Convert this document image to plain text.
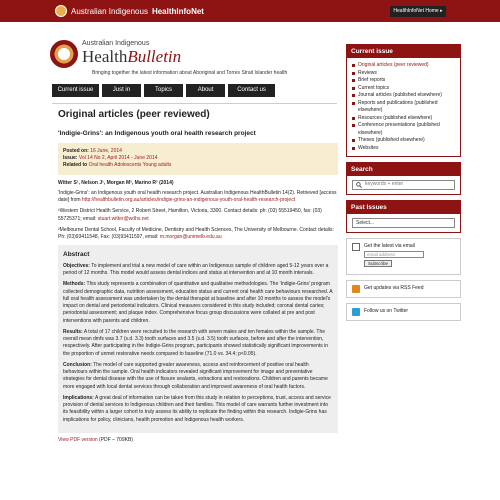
Australian Indigenous HealthInfoNet	HealthInfoNet Home ▸
Australian Indigenous
HealthBulletin
Bringing together the latest information about Aboriginal and Torres Strait Islander health
Current issue	Just in	Topics	About	Contact us
Original articles (peer reviewed)
'Indigie-Grins': an Indigenous youth oral health research project
Posted on: 16 June, 2014
Issue: Vol 14 No 2, April 2014 - June 2014
Related to Oral health Adolescents Young adults
Witter S¹, Nelson J¹, Morgan M², Marino R² (2014)
'Indigie-Grins': an Indigenous youth oral health research project. Australian Indigenous HealthBulletin 14(2). Retrieved [access date] from http://healthbulletin.org.au/articles/indigie-grins-an-indigenous-youth-oral-health-research-project
¹Western District Health Service, 2 Robert Street, Hamilton, Victoria, 3300. Contact details: ph: (03) 55519450, fax: (03) 55725371; email: stuart.witter@wdhs.net
²Melbourne Dental School, Faculty of Medicine, Dentistry and Health Sciences, The University of Melbourne. Contact details: Ph: (03)93411548, Fax: (03)93411597, email: m.morgan@unimelb.edu.au
Abstract

Objectives: To implement and trial a new model of care within an Indigenous sample of children aged 5-12 years over a period of 12 months. This model would assess dental indices and status at intervention and at 10 month intervals.

Methods: This study represents a combination of quantitative and qualitative methodologies. The 'Indigie-Grins' program collected demographic data, nutrition assessment, education status and current oral health care behaviours researched. A full oral health assessment was undertaken by the dental therapist at baseline and after 10 months to assess the model's impact on dental and periodontal indicators. Clinical measures considered in this study included; coronal dental caries; periodontal assessment; and plaque index. Comprehensive focus group discussions were collated at pre and post interventions with parents and children.

Results: A total of 17 children were recruited to the research with seven males and ten females within the sample. The overall mean dmfs was 3.7 (s.d. 3.3) tooth surfaces and 3.5 (s.d. 3.5) tooth surfaces, before and after the intervention, respectively. After participating in the Indigie-Grins program, participants showed statistically significant improvements in the proportion of unmet restorative needs compared to baseline (71.0 vs. 34.4; p<0.05).

Conclusion: The model of care supported greater awareness, access and reinforcement of positive oral health behaviours within the sample. Oral health indicators revealed significant improvement for image and preventative strategies for dental disease with the use of fissure sealants, extractions and restorations. Children and parents became more engaged with local dental services through collaboration and improved awareness of oral health factors.

Implications: A great deal of information can be taken from this study in relation to perceptions, trust, access and service provision of dental services to Indigenous children and their families. This model of care warrants further investment into its feasibility within a larger cohort to truly assess its ability to replicate the finding within this research. Indigie-Grins has implications for policy, clinicians, health promotion and Indigenous health workers.

View PDF version (PDF – 709KB)
Current issue
Original articles (peer reviewed)
Reviews
Brief reports
Current topics
Journal articles (published elsewhere)
Reports and publications (published elsewhere)
Resources (published elsewhere)
Conference presentations (published elsewhere)
Theses (published elsewhere)
Websites
Search
keywords + enter
Past Issues
Select...
Get the latest via email
email address
Subscribe
Get updates via RSS Feed
Follow us on Twitter
